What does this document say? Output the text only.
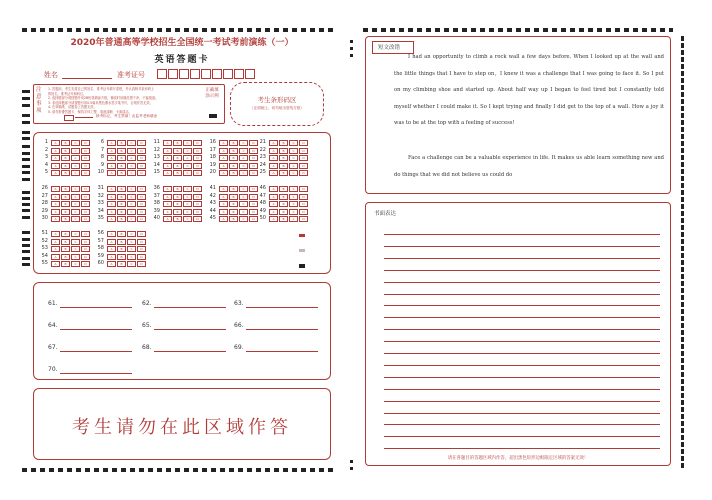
2020年普通高等学校招生全国统一考试考前演练（一）
英语答题卡
姓名	准考证号
注意事项
1. 答题前，考生先将自己的姓名、准考证号填写清楚，并认真核对条形码上
的姓名、准考证号和科目。
2. 选择题部分请按题号用2B铅笔填涂方框，修改时用橡皮擦干净，不留痕迹。
3. 非选择题部分请按题号用0.5毫米黑色墨水签字笔书写，否则作答无效。
4. 在草稿纸、试题卷上答题无效。
5. 请勿折叠答题卡，保持字体工整、笔迹清晰、卡面清洁。
缺考标记，考生禁填！由监考老师填涂
正确填涂示例	考生条形码区
（正面朝上，切勿贴出虚线方框）
1	A	B	C	D
2	A	B	C	D
3	A	B	C	D
4	A	B	C	D
5	A	B	C	D
6	A	B	C	D
7	A	B	C	D
8	A	B	C	D
9	A	B	C	D
10	A	B	C	D
11	A	B	C	D
12	A	B	C	D
13	A	B	C	D
14	A	B	C	D
15	A	B	C	D
16	A	B	C	D
17	A	B	C	D
18	A	B	C	D
19	A	B	C	D
20	A	B	C	D
21	A	B	C	D
22	A	B	C	D
23	A	B	C	D
24	A	B	C	D
25	A	B	C	D
26	A	B	C	D
27	A	B	C	D
28	A	B	C	D
29	A	B	C	D
30	A	B	C	D
31	A	B	C	D
32	A	B	C	D
33	A	B	C	D
34	A	B	C	D
35	A	B	C	D
36	A	B	C	D
37	A	B	C	D
38	A	B	C	D
39	A	B	C	D
40	A	B	C	D
41	A	B	C	D
42	A	B	C	D
43	A	B	C	D
44	A	B	C	D
45	A	B	C	D
46	A	B	C	D
47	A	B	C	D
48	A	B	C	D
49	A	B	C	D
50	A	B	C	D
51	A	B	C	D
52	A	B	C	D
53	A	B	C	D
54	A	B	C	D
55	A	B	C	D
56	A	B	C	D
57	A	B	C	D
58	A	B	C	D
59	A	B	C	D
60	A	B	C	D
61.	62.	63.
64.	65.	66.
67.	68.	69.
70.
考生请勿在此区域作答
短文改错
I had an opportunity to climb a rock wall a few days before. When I looked up at the wall and the little things that I have to step on，I knew it was a challenge that I was going to face it. So I put on my climbing shoe and started up. About half way up I began to feel tired but I constantly told myself whether I could make it. So I kept trying and finally I did get to the top of a wall. How a joy it was to be at the top with a feeling of success!
Face a challenge can be a valuable experience in life. It makes us able learn something new and do things that we did not believe us could do
书面表达
请在各题目的答题区域内作答，超出黑色矩形边框限定区域的答案无效！
